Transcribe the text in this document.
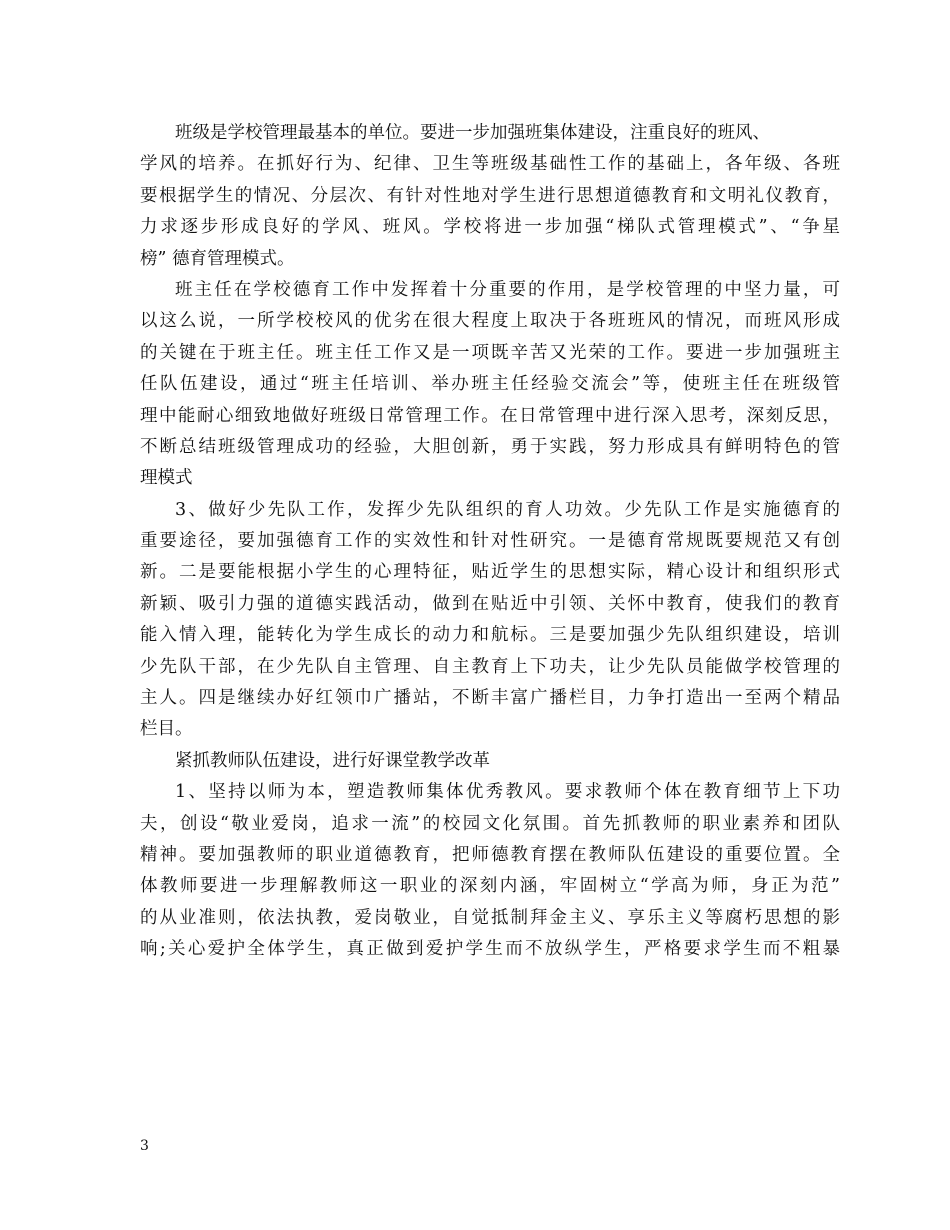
班级是学校管理最基本的单位。要进一步加强班集体建设，注重良好的班风、
学风的培养。在抓好行为、纪律、卫生等班级基础性工作的基础上，各年级、各班
要根据学生的情况、分层次、有针对性地对学生进行思想道德教育和文明礼仪教育，
力求逐步形成良好的学风、班风。学校将进一步加强“梯队式管理模式”、“争星
榜” 德育管理模式。
班主任在学校德育工作中发挥着十分重要的作用，是学校管理的中坚力量，可
以这么说，一所学校校风的优劣在很大程度上取决于各班班风的情况，而班风形成
的关键在于班主任。班主任工作又是一项既辛苦又光荣的工作。要进一步加强班主
任队伍建设，通过“班主任培训、举办班主任经验交流会”等，使班主任在班级管
理中能耐心细致地做好班级日常管理工作。在日常管理中进行深入思考，深刻反思，
不断总结班级管理成功的经验，大胆创新，勇于实践，努力形成具有鲜明特色的管
理模式
3、做好少先队工作，发挥少先队组织的育人功效。少先队工作是实施德育的
重要途径，要加强德育工作的实效性和针对性研究。一是德育常规既要规范又有创
新。二是要能根据小学生的心理特征，贴近学生的思想实际，精心设计和组织形式
新颖、吸引力强的道德实践活动，做到在贴近中引领、关怀中教育，使我们的教育
能入情入理，能转化为学生成长的动力和航标。三是要加强少先队组织建设，培训
少先队干部，在少先队自主管理、自主教育上下功夫，让少先队员能做学校管理的
主人。四是继续办好红领巾广播站，不断丰富广播栏目，力争打造出一至两个精品
栏目。
紧抓教师队伍建设，进行好课堂教学改革
1、坚持以师为本，塑造教师集体优秀教风。要求教师个体在教育细节上下功
夫，创设“敬业爱岗，追求一流”的校园文化氛围。首先抓教师的职业素养和团队
精神。要加强教师的职业道德教育，把师德教育摆在教师队伍建设的重要位置。全
体教师要进一步理解教师这一职业的深刻内涵，牢固树立“学高为师，身正为范”
的从业准则，依法执教，爱岗敬业，自觉抵制拜金主义、享乐主义等腐朽思想的影
响;关心爱护全体学生，真正做到爱护学生而不放纵学生，严格要求学生而不粗暴
3
